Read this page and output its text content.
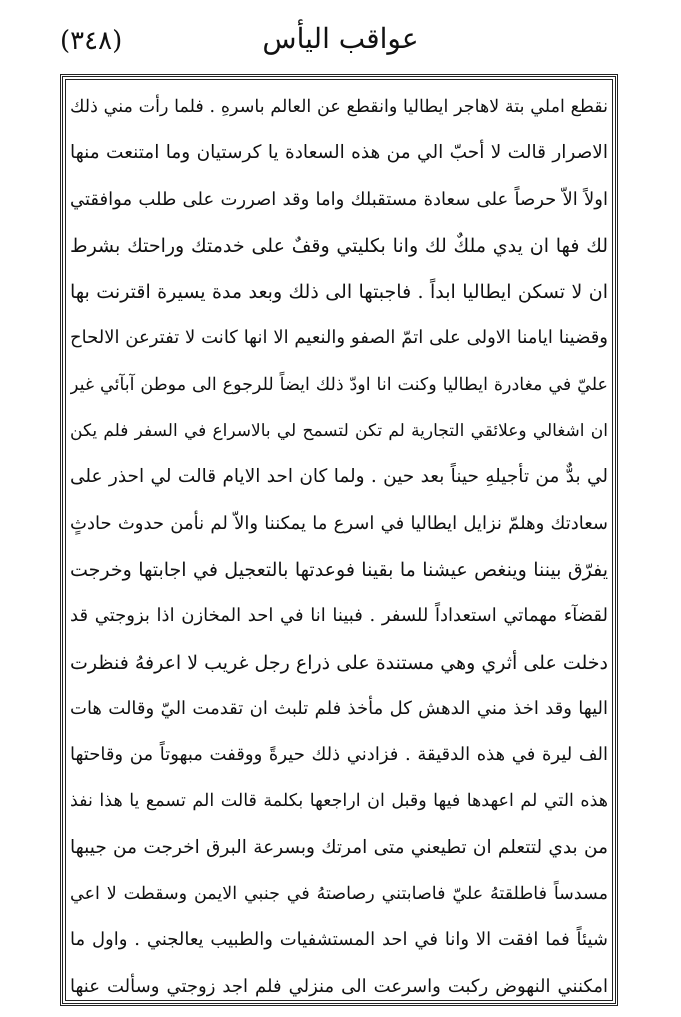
(٣٤٨)	عواقب اليأس
نقطع املي بتة لاهاجر ايطاليا وانقطع عن العالم باسرهِ . فلما رأت مني ذلك
الاصرار قالت لا أحبّ الي من هذه السعادة يا كرستيان وما امتنعت منها
اولاً الاّ حرصاً على سعادة مستقبلك واما وقد اصررت على طلب موافقتي
لك فها ان يدي ملكٌ لك وانا بكليتي وقفٌ على خدمتك وراحتك بشرط
ان لا تسكن ايطاليا ابداً . فاجبتها الى ذلك وبعد مدة يسيرة اقترنت بها
وقضينا ايامنا الاولى على اتمّ الصفو والنعيم الا انها كانت لا تفترعن الالحاح
عليّ في مغادرة ايطاليا وكنت انا اودّ ذلك ايضاً للرجوع الى موطن آبآئي غير
ان اشغالي وعلائقي التجارية لم تكن لتسمح لي بالاسراع في السفر فلم يكن
لي بدٌّ من تأجيلهِ حيناً بعد حين . ولما كان احد الايام قالت لي احذر على
سعادتك وهلمّ نزايل ايطاليا في اسرع ما يمكننا والاّ لم نأمن حدوث حادثٍ
يفرّق بيننا وينغص عيشنا ما بقينا فوعدتها بالتعجيل في اجابتها وخرجت
لقضآء مهماتي استعداداً للسفر . فبينا انا في احد المخازن اذا بزوجتي قد
دخلت على أثري وهي مستندة على ذراع رجل غريب لا اعرفهُ فنظرت
اليها وقد اخذ مني الدهش كل مأخذ فلم تلبث ان تقدمت اليّ وقالت هات
الف ليرة في هذه الدقيقة . فزادني ذلك حيرةً ووقفت مبهوتاً من وقاحتها
هذه التي لم اعهدها فيها وقبل ان اراجعها بكلمة قالت الم تسمع يا هذا نفذ
من بدي لتتعلم ان تطيعني متى امرتك وبسرعة البرق اخرجت من جيبها
مسدساً فاطلقتهُ عليّ فاصابتني رصاصتهُ في جنبي الايمن وسقطت لا اعي
شيئاً فما افقت الا وانا في احد المستشفيات والطبيب يعالجني . واول ما
امكنني النهوض ركبت واسرعت الى منزلي فلم اجد زوجتي وسألت عنها
